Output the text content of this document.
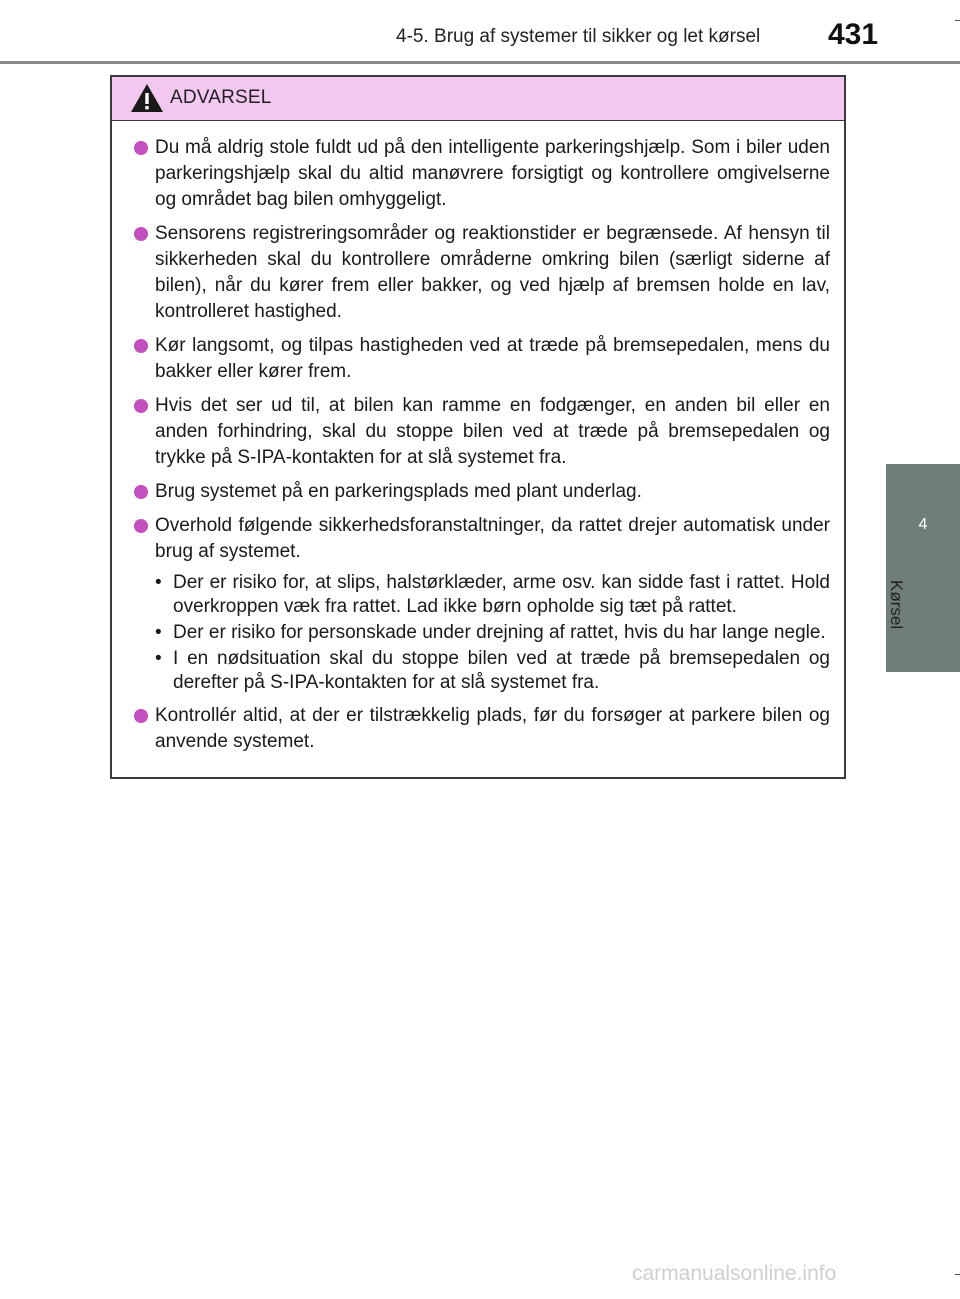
4-5. Brug af systemer til sikker og let kørsel	431
4
Kørsel
ADVARSEL
Du må aldrig stole fuldt ud på den intelligente parkeringshjælp. Som i biler uden parkeringshjælp skal du altid manøvrere forsigtigt og kontrollere omgivelserne og området bag bilen omhyggeligt.
Sensorens registreringsområder og reaktionstider er begrænsede. Af hensyn til sikkerheden skal du kontrollere områderne omkring bilen (særligt siderne af bilen), når du kører frem eller bakker, og ved hjælp af bremsen holde en lav, kontrolleret hastighed.
Kør langsomt, og tilpas hastigheden ved at træde på bremsepedalen, mens du bakker eller kører frem.
Hvis det ser ud til, at bilen kan ramme en fodgænger, en anden bil eller en anden forhindring, skal du stoppe bilen ved at træde på bremsepedalen og trykke på S-IPA-kontakten for at slå systemet fra.
Brug systemet på en parkeringsplads med plant underlag.
Overhold følgende sikkerhedsforanstaltninger, da rattet drejer automatisk under brug af systemet.
• Der er risiko for, at slips, halstørklæder, arme osv. kan sidde fast i rattet. Hold overkroppen væk fra rattet. Lad ikke børn opholde sig tæt på rattet.
• Der er risiko for personskade under drejning af rattet, hvis du har lange negle.
• I en nødsituation skal du stoppe bilen ved at træde på bremsepedalen og derefter på S-IPA-kontakten for at slå systemet fra.
Kontrollér altid, at der er tilstrækkelig plads, før du forsøger at parkere bilen og anvende systemet.
carmanualsonline.info
